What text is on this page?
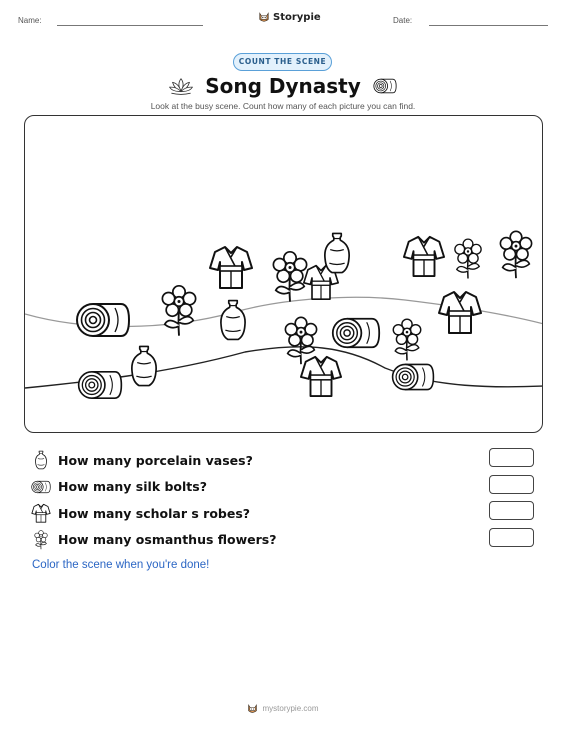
Name:	Storypie	Date:
COUNT THE SCENE
Song Dynasty
Look at the busy scene. Count how many of each picture you can find.
How many porcelain vases?
How many silk bolts?
How many scholar s robes?
How many osmanthus flowers?
Color the scene when you're done!
mystorypie.com
